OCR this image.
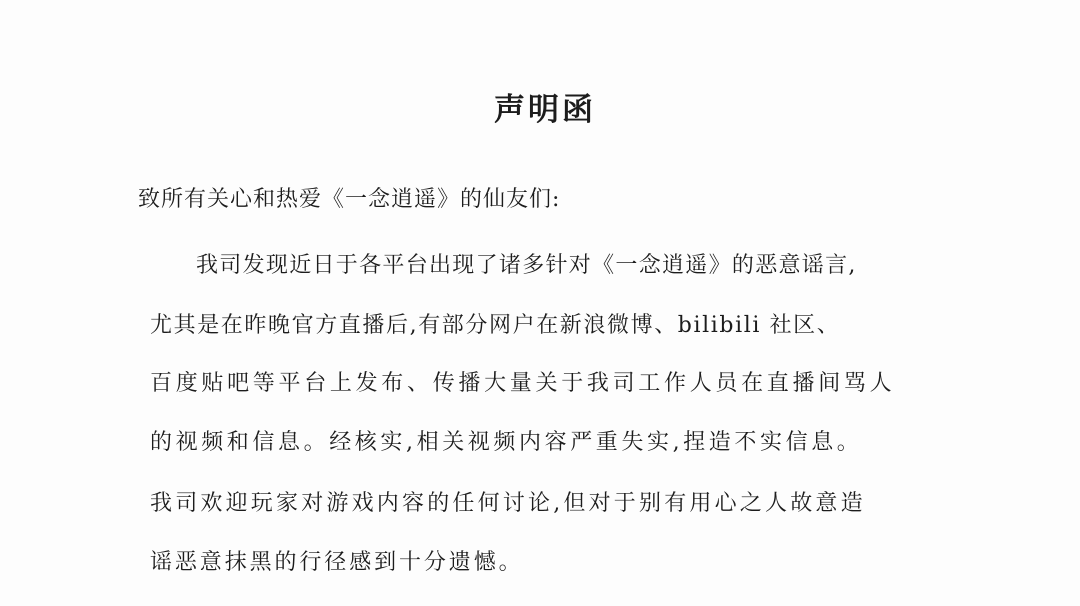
声明函
致所有关心和热爱《一念逍遥》的仙友们:
我司发现近日于各平台出现了诸多针对《一念逍遥》的恶意谣言,
尤其是在昨晚官方直播后,有部分网户在新浪微博、bilibili 社区、
百度贴吧等平台上发布、传播大量关于我司工作人员在直播间骂人
的视频和信息。经核实,相关视频内容严重失实,捏造不实信息。
我司欢迎玩家对游戏内容的任何讨论,但对于别有用心之人故意造
谣恶意抹黑的行径感到十分遗憾。
